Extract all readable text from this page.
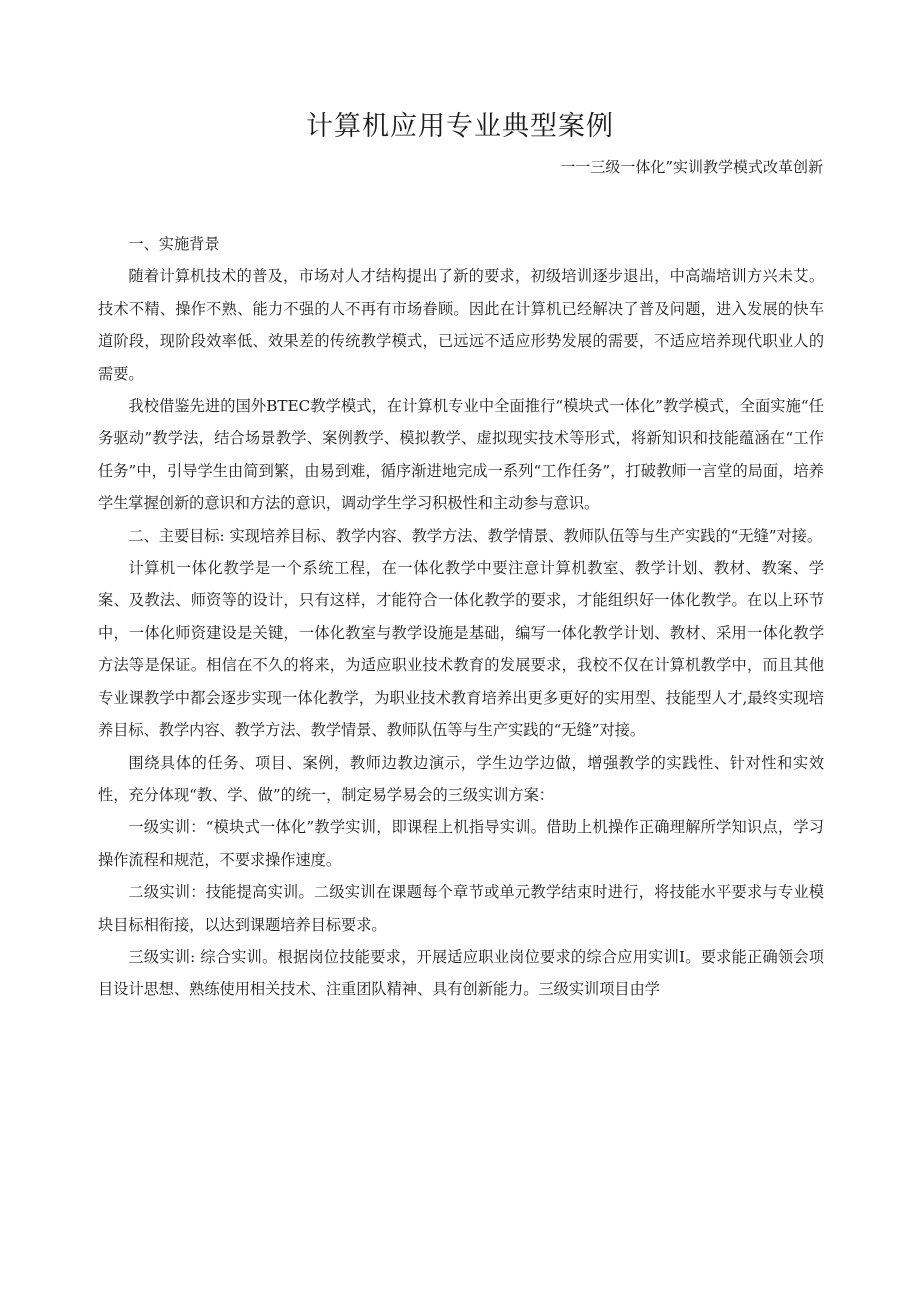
计算机应用专业典型案例

一一三级一体化”实训教学模式改革创新

一、实施背景

随着计算机技术的普及，市场对人才结构提出了新的要求，初级培训逐步退出，中高端培训方兴未艾。技术不精、操作不熟、能力不强的人不再有市场眷顾。因此在计算机已经解决了普及问题，进入发展的快车道阶段，现阶段效率低、效果差的传统教学模式，已远远不适应形势发展的需要，不适应培养现代职业人的需要。

我校借鉴先进的国外BTEC教学模式，在计算机专业中全面推行“模块式一体化”教学模式，全面实施“任务驱动”教学法，结合场景教学、案例教学、模拟教学、虚拟现实技术等形式，将新知识和技能蕴涵在“工作任务”中，引导学生由简到繁，由易到难，循序渐进地完成一系列“工作任务”，打破教师一言堂的局面，培养学生掌握创新的意识和方法的意识，调动学生学习积极性和主动参与意识。

二、主要目标: 实现培养目标、教学内容、教学方法、教学情景、教师队伍等与生产实践的“无缝”对接。

计算机一体化教学是一个系统工程，在一体化教学中要注意计算机教室、教学计划、教材、教案、学案、及教法、师资等的设计，只有这样，才能符合一体化教学的要求，才能组织好一体化教学。在以上环节中，一体化师资建设是关键，一体化教室与教学设施是基础，编写一体化教学计划、教材、采用一体化教学方法等是保证。相信在不久的将来，为适应职业技术教育的发展要求，我校不仅在计算机教学中，而且其他专业课教学中都会逐步实现一体化教学，为职业技术教育培养出更多更好的实用型、技能型人才,最终实现培养目标、教学内容、教学方法、教学情景、教师队伍等与生产实践的“无缝”对接。

围绕具体的任务、项目、案例，教师边教边演示，学生边学边做，增强教学的实践性、针对性和实效性，充分体现“教、学、做”的统一，制定易学易会的三级实训方案：

一级实训：“模块式一体化”教学实训，即课程上机指导实训。借助上机操作正确理解所学知识点，学习操作流程和规范，不要求操作速度。

二级实训：技能提高实训。二级实训在课题每个章节或单元教学结束时进行，将技能水平要求与专业模块目标相衔接，以达到课题培养目标要求。

三级实训: 综合实训。根据岗位技能要求，开展适应职业岗位要求的综合应用实训I。要求能正确领会项目设计思想、熟练使用相关技术、注重团队精神、具有创新能力。三级实训项目由学
